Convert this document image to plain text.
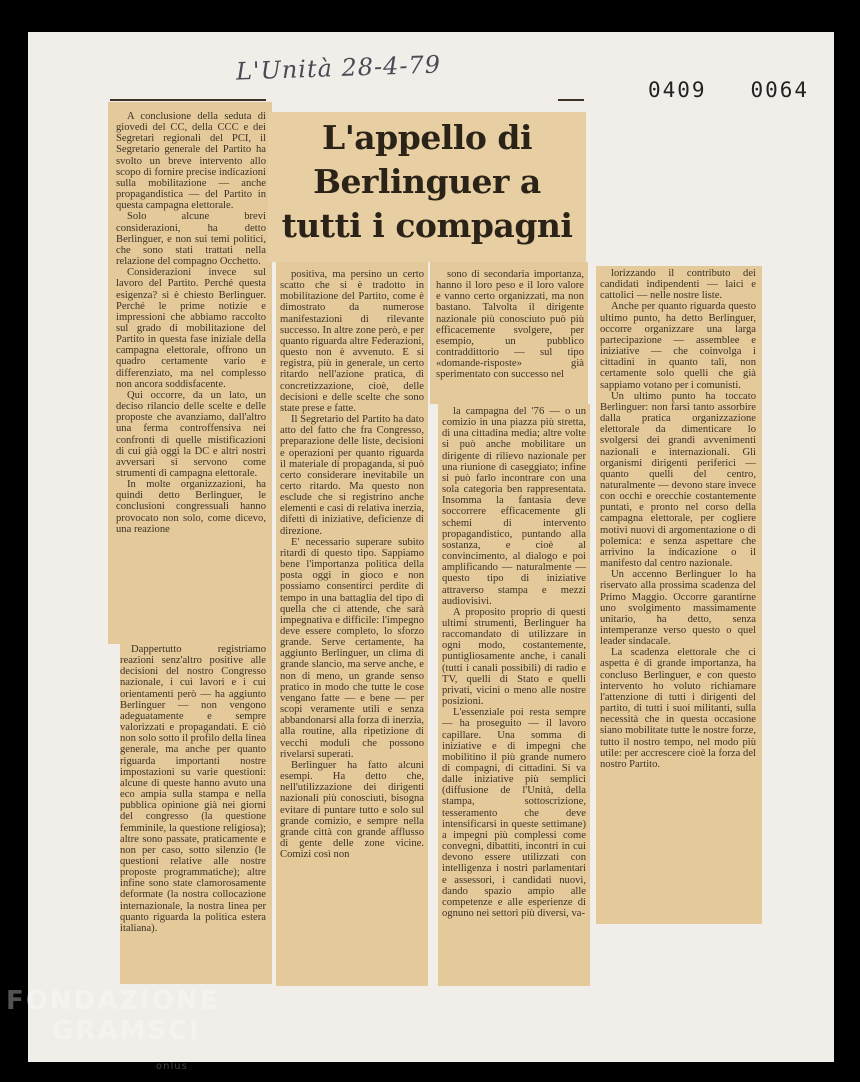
L'Unità 28-4-79
0409   0064

A conclusione della seduta di giovedì del CC, della CCC e dei Segretari regionali del PCI, il Segretario generale del Partito ha svolto un breve intervento allo scopo di fornire precise indicazioni sulla mobilitazione — anche propagandistica — del Partito in questa campagna elettorale.

Solo alcune brevi considerazioni, ha detto Berlinguer, e non sui temi politici, che sono stati trattati nella relazione del compagno Occhetto.

Considerazioni invece sul lavoro del Partito. Perché questa esigenza? si è chiesto Berlinguer. Perché le prime notizie e impressioni che abbiamo raccolto sul grado di mobilitazione del Partito in questa fase iniziale della campagna elettorale, offrono un quadro certamente vario e differenziato, ma nel complesso non ancora soddisfacente.

Qui occorre, da un lato, un deciso rilancio delle scelte e delle proposte che avanziamo, dall'altro una ferma controffensiva nei confronti di quelle mistificazioni di cui già oggi la DC e altri nostri avversari si servono come strumenti di campagna elettorale.

In molte organizzazioni, ha quindi detto Berlinguer, le conclusioni congressuali hanno provocato non solo, come dicevo, una reazione

Dappertutto registriamo reazioni senz'altro positive alle decisioni del nostro Congresso nazionale, i cui lavori e i cui orientamenti però — ha aggiunto Berlinguer — non vengono adeguatamente e sempre valorizzati e propagandati. E ciò non solo sotto il profilo della linea generale, ma anche per quanto riguarda importanti nostre impostazioni su varie questioni: alcune di queste hanno avuto una eco ampia sulla stampa e nella pubblica opinione già nei giorni del congresso (la questione femminile, la questione religiosa); altre sono passate, praticamente e non per caso, sotto silenzio (le questioni relative alle nostre proposte programmatiche); altre infine sono state clamorosamente deformate (la nostra collocazione internazionale, la nostra linea per quanto riguarda la politica estera italiana).

L'appello di Berlinguer a tutti i compagni

positiva, ma persino un certo scatto che si è tradotto in mobilitazione del Partito, come è dimostrato da numerose manifestazioni di rilevante successo. In altre zone però, e per quanto riguarda altre Federazioni, questo non è avvenuto. E si registra, più in generale, un certo ritardo nell'azione pratica, di concretizzazione, cioè, delle decisioni e delle scelte che sono state prese e fatte.

Il Segretario del Partito ha dato atto del fatto che fra Congresso, preparazione delle liste, decisioni e operazioni per quanto riguarda il materiale di propaganda, si può certo considerare inevitabile un certo ritardo. Ma questo non esclude che si registrino anche elementi e casi di relativa inerzia, difetti di iniziative, deficienze di direzione.

E' necessario superare subito ritardi di questo tipo. Sappiamo bene l'importanza politica della posta oggi in gioco e non possiamo consentirci perdite di tempo in una battaglia del tipo di quella che ci attende, che sarà impegnativa e difficile: l'impegno deve essere completo, lo sforzo grande. Serve certamente, ha aggiunto Berlinguer, un clima di grande slancio, ma serve anche, e non di meno, un grande senso pratico in modo che tutte le cose vengano fatte — e bene — per scopi veramente utili e senza abbandonarsi alla forza di inerzia, alla routine, alla ripetizione di vecchi moduli che possono rivelarsi superati.

Berlinguer ha fatto alcuni esempi. Ha detto che, nell'utilizzazione dei dirigenti nazionali più conosciuti, bisogna evitare di puntare tutto e solo sul grande comizio, e sempre nella grande città con grande afflusso di gente delle zone vicine. Comizi così non

sono di secondaria importanza, hanno il loro peso e il loro valore e vanno certo organizzati, ma non bastano. Talvolta il dirigente nazionale più conosciuto può più efficacemente svolgere, per esempio, un pubblico contraddittorio — sul tipo «domande-risposte» già sperimentato con successo nel

la campagna del '76 — o un comizio in una piazza più stretta, di una cittadina media; altre volte si può anche mobilitare un dirigente di rilievo nazionale per una riunione di caseggiato; infine si può farlo incontrare con una sola categoria ben rappresentata. Insomma la fantasia deve soccorrere efficacemente gli schemi di intervento propagandistico, puntando alla sostanza, e cioè al convincimento, al dialogo e poi amplificando — naturalmente — questo tipo di iniziative attraverso stampa e mezzi audiovisivi.

A proposito proprio di questi ultimi strumenti, Berlinguer ha raccomandato di utilizzare in ogni modo, costantemente, puntigliosamente anche, i canali (tutti i canali possibili) di radio e TV, quelli di Stato e quelli privati, vicini o meno alle nostre posizioni.

L'essenziale poi resta sempre — ha proseguito — il lavoro capillare. Una somma di iniziative e di impegni che mobilitino il più grande numero di compagni, di cittadini. Si va dalle iniziative più semplici (diffusione de l'Unità, della stampa, sottoscrizione, tesseramento che deve intensificarsi in queste settimane) a impegni più complessi come convegni, dibattiti, incontri in cui devono essere utilizzati con intelligenza i nostri parlamentari e assessori, i candidati nuovi, dando spazio ampio alle competenze e alle esperienze di ognuno nei settori più diversi, va-

lorizzando il contributo dei candidati indipendenti — laici e cattolici — nelle nostre liste.

Anche per quanto riguarda questo ultimo punto, ha detto Berlinguer, occorre organizzare una larga partecipazione — assemblee e iniziative — che coinvolga i cittadini in quanto tali, non certamente solo quelli che già sappiamo votano per i comunisti.

Un ultimo punto ha toccato Berlinguer: non farsi tanto assorbire dalla pratica organizzazione elettorale da dimenticare lo svolgersi dei grandi avvenimenti nazionali e internazionali. Gli organismi dirigenti periferici — quanto quelli del centro, naturalmente — devono stare invece con occhi e orecchie costantemente puntati, e pronto nel corso della campagna elettorale, per cogliere motivi nuovi di argomentazione o di polemica: e senza aspettare che arrivino la indicazione o il manifesto dal centro nazionale.

Un accenno Berlinguer lo ha riservato alla prossima scadenza del Primo Maggio. Occorre garantirne uno svolgimento massimamente unitario, ha detto, senza intemperanze verso questo o quel leader sindacale.

La scadenza elettorale che ci aspetta è di grande importanza, ha concluso Berlinguer, e con questo intervento ho voluto richiamare l'attenzione di tutti i dirigenti del partito, di tutti i suoi militanti, sulla necessità che in questa occasione siano mobilitate tutte le nostre forze, tutto il nostro tempo, nel modo più utile: per accrescere cioè la forza del nostro Partito.

FONDAZIONE
GRAMSCI
onlus
